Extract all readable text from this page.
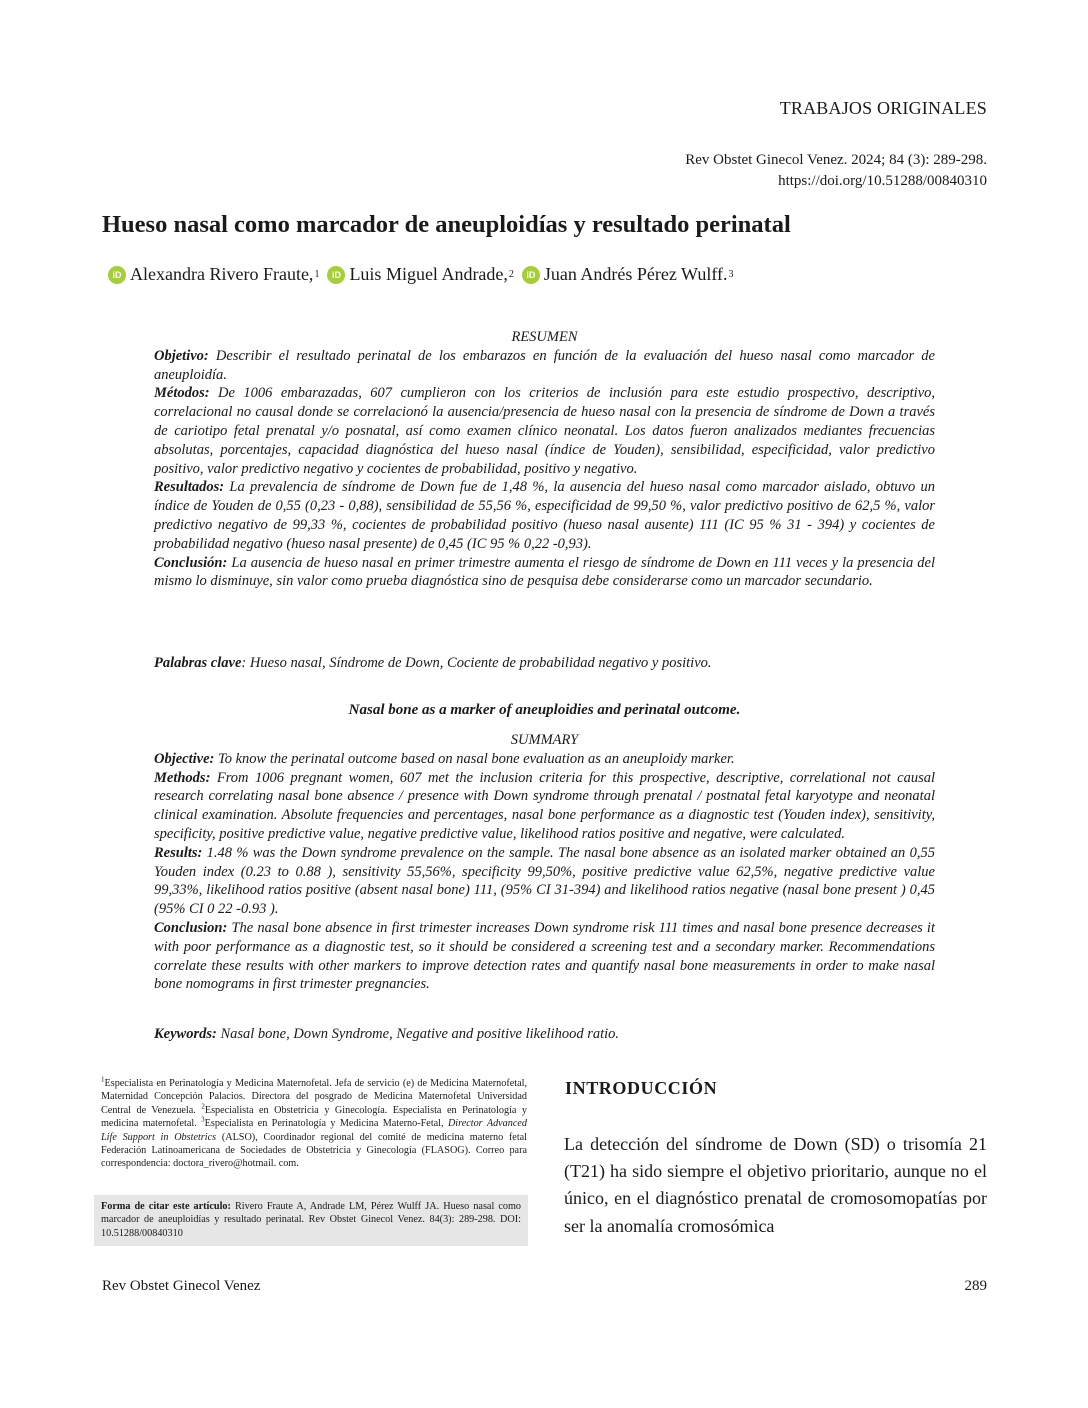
TRABAJOS ORIGINALES
Rev Obstet Ginecol Venez. 2024; 84 (3): 289-298.
https://doi.org/10.51288/00840310
Hueso nasal como marcador de aneuploidías y resultado perinatal
iD Alexandra Rivero Fraute, 1	iD Luis Miguel Andrade, 2	iD Juan Andrés Pérez Wulff. 3

RESUMEN

Objetivo: Describir el resultado perinatal de los embarazos en función de la evaluación del hueso nasal como marcador de aneuploidía.

Métodos: De 1006 embarazadas, 607 cumplieron con los criterios de inclusión para este estudio prospectivo, descriptivo, correlacional no causal donde se correlacionó la ausencia/presencia de hueso nasal con la presencia de síndrome de Down a través de cariotipo fetal prenatal y/o posnatal, así como examen clínico neonatal. Los datos fueron analizados mediantes frecuencias absolutas, porcentajes, capacidad diagnóstica del hueso nasal (índice de Youden), sensibilidad, especificidad, valor predictivo positivo, valor predictivo negativo y cocientes de probabilidad, positivo y negativo.

Resultados: La prevalencia de síndrome de Down fue de 1,48 %, la ausencia del hueso nasal como marcador aislado, obtuvo un índice de Youden de 0,55 (0,23 - 0,88), sensibilidad de 55,56 %, especificidad de 99,50 %, valor predictivo positivo de 62,5 %, valor predictivo negativo de 99,33 %, cocientes de probabilidad positivo (hueso nasal ausente) 111 (IC 95 % 31 - 394) y cocientes de probabilidad negativo (hueso nasal presente) de 0,45 (IC 95 % 0,22 -0,93).

Conclusión: La ausencia de hueso nasal en primer trimestre aumenta el riesgo de síndrome de Down en 111 veces y la presencia del mismo lo disminuye, sin valor como prueba diagnóstica sino de pesquisa debe considerarse como un marcador secundario.

Palabras clave: Hueso nasal, Síndrome de Down, Cociente de probabilidad negativo y positivo.

Nasal bone as a marker of aneuploidies and perinatal outcome.

SUMMARY

Objective: To know the perinatal outcome based on nasal bone evaluation as an aneuploidy marker.

Methods: From 1006 pregnant women, 607 met the inclusion criteria for this prospective, descriptive, correlational not causal research correlating nasal bone absence / presence with Down syndrome through prenatal / postnatal fetal karyotype and neonatal clinical examination. Absolute frequencies and percentages, nasal bone performance as a diagnostic test (Youden index), sensitivity, specificity, positive predictive value, negative predictive value, likelihood ratios positive and negative, were calculated.

Results: 1.48 % was the Down syndrome prevalence on the sample. The nasal bone absence as an isolated marker obtained an 0,55 Youden index (0.23 to 0.88 ), sensitivity 55,56%, specificity 99,50%, positive predictive value 62,5%, negative predictive value 99,33%, likelihood ratios positive (absent nasal bone) 111, (95% CI 31-394) and likelihood ratios negative (nasal bone present ) 0,45 (95% CI 0 22 -0.93 ).

Conclusion: The nasal bone absence in first trimester increases Down syndrome risk 111 times and nasal bone presence decreases it with poor performance as a diagnostic test, so it should be considered a screening test and a secondary marker. Recommendations correlate these results with other markers to improve detection rates and quantify nasal bone measurements in order to make nasal bone nomograms in first trimester pregnancies.

Keywords: Nasal bone, Down Syndrome, Negative and positive likelihood ratio.

$^1$Especialista en Perinatología y Medicina Maternofetal. Jefa de servicio (e) de Medicina Maternofetal, Maternidad Concepción Palacios. Directora del posgrado de Medicina Maternofetal Universidad Central de Venezuela. $^2$Especialista en Obstetricia y Ginecología. Especialista en Perinatología y medicina maternofetal. $^3$Especialista en Perinatología y Medicina Materno-Fetal, Director Advanced Life Support in Obstetrics (ALSO), Coordinador regional del comité de medicina materno fetal Federación Latinoamericana de Sociedades de Obstetricia y Ginecología (FLASOG). Correo para correspondencia: doctora_rivero@hotmail. com.
Forma de citar este artículo: Rivero Fraute A, Andrade LM, Pérez Wulff JA. Hueso nasal como marcador de aneuploidías y resultado perinatal. Rev Obstet Ginecol Venez. 84(3): 289-298. DOI: 10.51288/00840310
INTRODUCCIÓN

La detección del síndrome de Down (SD) o trisomía 21 (T21) ha sido siempre el objetivo prioritario, aunque no el único, en el diagnóstico prenatal de cromosomopatías por ser la anomalía cromosómica

Rev Obstet Ginecol Venez	289
